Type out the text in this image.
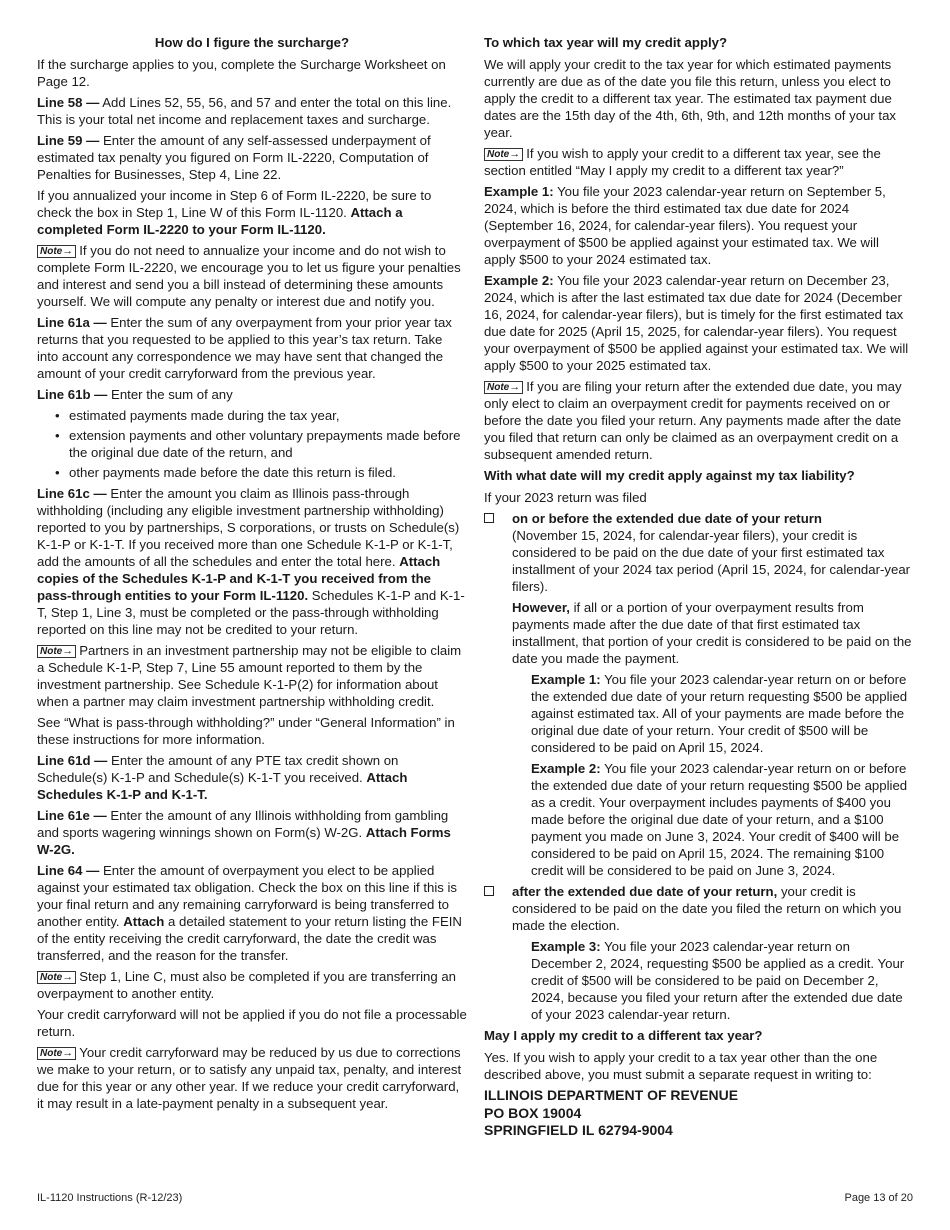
How do I figure the surcharge?

If the surcharge applies to you, complete the Surcharge Worksheet on Page 12.

Line 58 — Add Lines 52, 55, 56, and 57 and enter the total on this line. This is your total net income and replacement taxes and surcharge.

Line 59 — Enter the amount of any self-assessed underpayment of estimated tax penalty you figured on Form IL-2220, Computation of Penalties for Businesses, Step 4, Line 22.

If you annualized your income in Step 6 of Form IL-2220, be sure to check the box in Step 1, Line W of this Form IL-1120. Attach a completed Form IL-2220 to your Form IL-1120.

Note → If you do not need to annualize your income and do not wish to complete Form IL-2220, we encourage you to let us figure your penalties and interest and send you a bill instead of determining these amounts yourself. We will compute any penalty or interest due and notify you.

Line 61a — Enter the sum of any overpayment from your prior year tax returns that you requested to be applied to this year’s tax return. Take into account any correspondence we may have sent that changed the amount of your credit carryforward from the previous year.

Line 61b — Enter the sum of any

• estimated payments made during the tax year,
• extension payments and other voluntary prepayments made before the original due date of the return, and
• other payments made before the date this return is filed.

Line 61c — Enter the amount you claim as Illinois pass-through withholding (including any eligible investment partnership withholding) reported to you by partnerships, S corporations, or trusts on Schedule(s) K-1-P or K-1-T. If you received more than one Schedule K-1-P or K-1-T, add the amounts of all the schedules and enter the total here. Attach copies of the Schedules K-1-P and K-1-T you received from the pass-through entities to your Form IL-1120. Schedules K-1-P and K-1-T, Step 1, Line 3, must be completed or the pass-through withholding reported on this line may not be credited to your return.

Note → Partners in an investment partnership may not be eligible to claim a Schedule K-1-P, Step 7, Line 55 amount reported to them by the investment partnership. See Schedule K-1-P(2) for information about when a partner may claim investment partnership withholding credit.

See “What is pass-through withholding?” under “General Information” in these instructions for more information.

Line 61d — Enter the amount of any PTE tax credit shown on Schedule(s) K-1-P and Schedule(s) K-1-T you received. Attach Schedules K-1-P and K-1-T.

Line 61e — Enter the amount of any Illinois withholding from gambling and sports wagering winnings shown on Form(s) W-2G. Attach Forms W-2G.

Line 64 — Enter the amount of overpayment you elect to be applied against your estimated tax obligation. Check the box on this line if this is your final return and any remaining carryforward is being transferred to another entity. Attach a detailed statement to your return listing the FEIN of the entity receiving the credit carryforward, the date the credit was transferred, and the reason for the transfer.

Note → Step 1, Line C, must also be completed if you are transferring an overpayment to another entity.

Your credit carryforward will not be applied if you do not file a processable return.

Note → Your credit carryforward may be reduced by us due to corrections we make to your return, or to satisfy any unpaid tax, penalty, and interest due for this year or any other year. If we reduce your credit carryforward, it may result in a late-payment penalty in a subsequent year.

To which tax year will my credit apply?

We will apply your credit to the tax year for which estimated payments currently are due as of the date you file this return, unless you elect to apply the credit to a different tax year. The estimated tax payment due dates are the 15th day of the 4th, 6th, 9th, and 12th months of your tax year.

Note → If you wish to apply your credit to a different tax year, see the section entitled “May I apply my credit to a different tax year?”

Example 1: You file your 2023 calendar-year return on September 5, 2024, which is before the third estimated tax due date for 2024 (September 16, 2024, for calendar-year filers). You request your overpayment of $500 be applied against your estimated tax. We will apply $500 to your 2024 estimated tax.

Example 2: You file your 2023 calendar-year return on December 23, 2024, which is after the last estimated tax due date for 2024 (December 16, 2024, for calendar-year filers), but is timely for the first estimated tax due date for 2025 (April 15, 2025, for calendar-year filers). You request your overpayment of $500 be applied against your estimated tax. We will apply $500 to your 2025 estimated tax.

Note → If you are filing your return after the extended due date, you may only elect to claim an overpayment credit for payments received on or before the date you filed your return. Any payments made after the date you filed that return can only be claimed as an overpayment credit on a subsequent amended return.

With what date will my credit apply against my tax liability?

If your 2023 return was filed

on or before the extended due date of your return
(November 15, 2024, for calendar-year filers), your credit is considered to be paid on the due date of your first estimated tax installment of your 2024 tax period (April 15, 2024, for calendar-year filers).

However, if all or a portion of your overpayment results from payments made after the due date of that first estimated tax installment, that portion of your credit is considered to be paid on the date you made the payment.

Example 1: You file your 2023 calendar-year return on or before the extended due date of your return requesting $500 be applied against estimated tax. All of your payments are made before the original due date of your return. Your credit of $500 will be considered to be paid on April 15, 2024.

Example 2: You file your 2023 calendar-year return on or before the extended due date of your return requesting $500 be applied as a credit. Your overpayment includes payments of $400 you made before the original due date of your return, and a $100 payment you made on June 3, 2024. Your credit of $400 will be considered to be paid on April 15, 2024. The remaining $100 credit will be considered to be paid on June 3, 2024.

after the extended due date of your return, your credit is considered to be paid on the date you filed the return on which you made the election.

Example 3: You file your 2023 calendar-year return on December 2, 2024, requesting $500 be applied as a credit. Your credit of $500 will be considered to be paid on December 2, 2024, because you filed your return after the extended due date of your 2023 calendar-year return.

May I apply my credit to a different tax year?

Yes. If you wish to apply your credit to a tax year other than the one described above, you must submit a separate request in writing to:

ILLINOIS DEPARTMENT OF REVENUE
PO BOX 19004
SPRINGFIELD IL 62794-9004
IL-1120 Instructions (R-12/23)	Page 13 of 20
